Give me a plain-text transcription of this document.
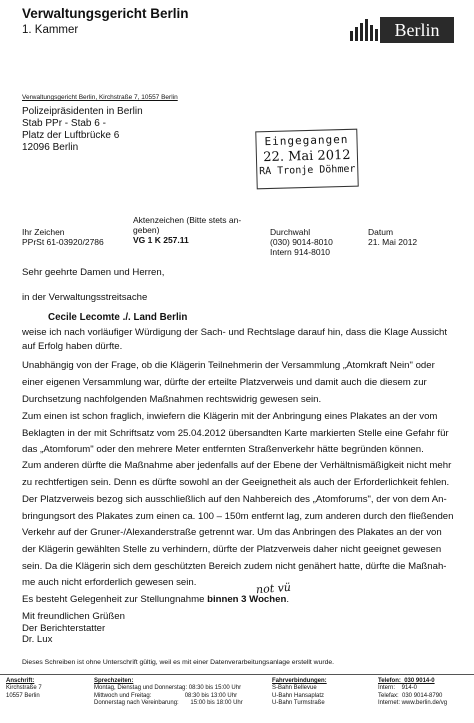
Verwaltungsgericht Berlin
1. Kammer	Berlin
Verwaltungsgericht Berlin, Kirchstraße 7, 10557 Berlin
Polizeipräsidenten in Berlin
Stab PPr - Stab 6 -
Platz der Luftbrücke 6
12096 Berlin	Eingegangen
22. Mai 2012
RA Tronje Döhmer
Ihr Zeichen
PPrSt 61-03920/2786
Aktenzeichen (Bitte stets an-
geben)
VG 1 K 257.11
Durchwahl
(030) 9014-8010
Intern 914-8010
Datum
21. Mai 2012
Sehr geehrte Damen und Herren,
in der Verwaltungsstreitsache
Cecile Lecomte ./. Land Berlin
weise ich nach vorläufiger Würdigung der Sach- und Rechtslage darauf hin, dass die Klage Aussicht
auf Erfolg haben dürfte.
Unabhängig von der Frage, ob die Klägerin Teilnehmerin der Versammlung „Atomkraft Nein" oder
einer eigenen Versammlung war, dürfte der erteilte Platzverweis und damit auch die diesem zur
Durchsetzung nachfolgenden Maßnahmen rechtswidrig gewesen sein.
Zum einen ist schon fraglich, inwiefern die Klägerin mit der Anbringung eines Plakates an der vom
Beklagten in der mit Schriftsatz vom 25.04.2012 übersandten Karte markierten Stelle eine Gefahr für
das „Atomforum" oder den mehrere Meter entfernten Straßenverkehr hätte begründen können.
Zum anderen dürfte die Maßnahme aber jedenfalls auf der Ebene der Verhältnismäßigkeit nicht mehr
zu rechtfertigen sein. Denn es dürfte sowohl an der Geeignetheit als auch der Erforderlichkeit fehlen.
Der Platzverweis bezog sich ausschließlich auf den Nahbereich des „Atomforums", der von dem An-
bringungsort des Plakates zum einen ca. 100 – 150m entfernt lag, zum anderen durch den fließenden
Verkehr auf der Gruner-/Alexanderstraße getrennt war. Um das Anbringen des Plakates an der von
der Klägerin gewählten Stelle zu verhindern, dürfte der Platzverweis daher nicht geeignet gewesen
sein. Da die Klägerin sich dem geschützten Bereich zudem nicht genähert hatte, dürfte die Maßnah-
me auch nicht erforderlich gewesen sein.
Es besteht Gelegenheit zur Stellungnahme binnen 3 Wochen.
not vü
Mit freundlichen Grüßen
Der Berichterstatter
Dr. Lux
Dieses Schreiben ist ohne Unterschrift gültig, weil es mit einer Datenverarbeitungsanlage erstellt wurde.
Anschrift:
Kirchstraße 7
10557 Berlin
Sprechzeiten:
Montag, Dienstag und Donnerstag: 08:30 bis 15:00 Uhr
Mittwoch und Freitag:                    08:30 bis 13:00 Uhr
Donnerstag nach Vereinbarung:       15:00 bis 18:00 Uhr
Fahrverbindungen:
S-Bahn Bellevue
U-Bahn Hansaplatz
U-Bahn Turmstraße
Telefon:  030 9014-0
Intern:    914-0
Telefax:  030 9014-8790
Internet: www.berlin.de/vg
